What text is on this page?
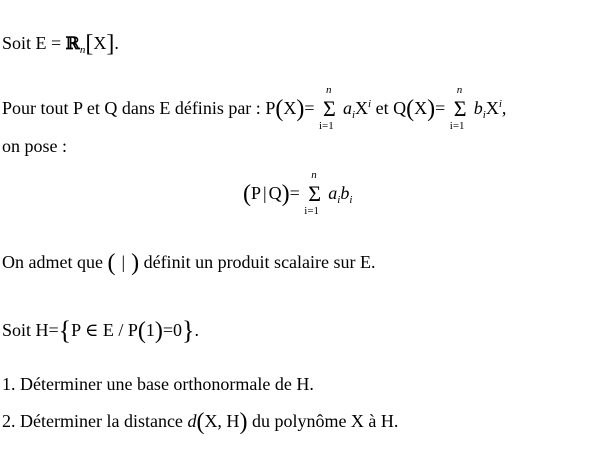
Soit E = ℝ$_n$[X].
Pour tout P et Q dans E définis par : P(X)=
n
Σ
i=1
$a_iX^i$ et Q(X)=
n
Σ
i=1
$b_iX^i$,
on pose :
(P | Q)=
n
Σ
i=1
$a_ib_i$
On admet que ( | ) définit un produit scalaire sur E.
Soit H={P ∈ E / P(1)=0}.
1. Déterminer une base orthonormale de H.
2. Déterminer la distance d(X, H) du polynôme X à H.
